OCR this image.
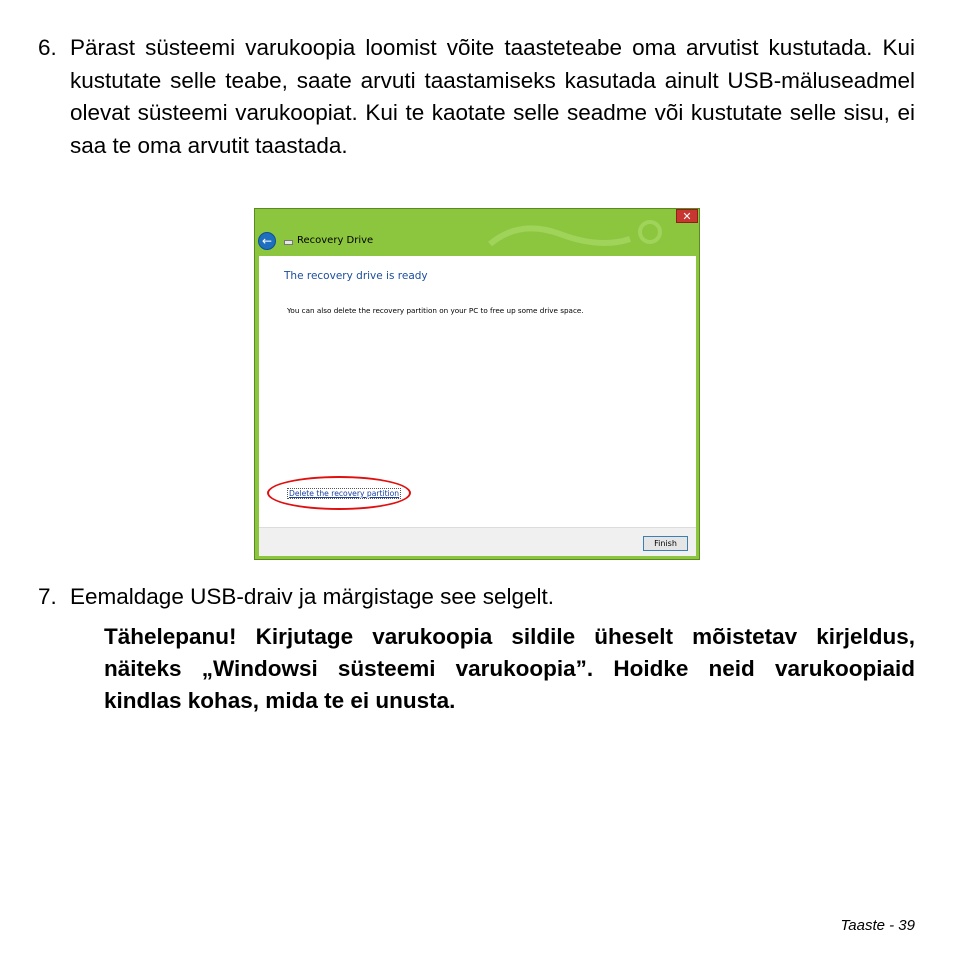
6. Pärast süsteemi varukoopia loomist võite taasteteabe oma arvutist kustutada. Kui kustutate selle teabe, saate arvuti taastamiseks kasutada ainult USB-mäluseadmel olevat süsteemi varukoopiat. Kui te kaotate selle seadme või kustutate selle sisu, ei saa te oma arvutit taastada.
✕
←	Recovery Drive
The recovery drive is ready
You can also delete the recovery partition on your PC to free up some drive space.
Delete the recovery partition
Finish
7. Eemaldage USB-draiv ja märgistage see selgelt.
Tähelepanu! Kirjutage varukoopia sildile üheselt mõistetav kirjeldus, näiteks „Windowsi süsteemi varukoopia”. Hoidke neid varukoopiaid kindlas kohas, mida te ei unusta.
Taaste - 39
